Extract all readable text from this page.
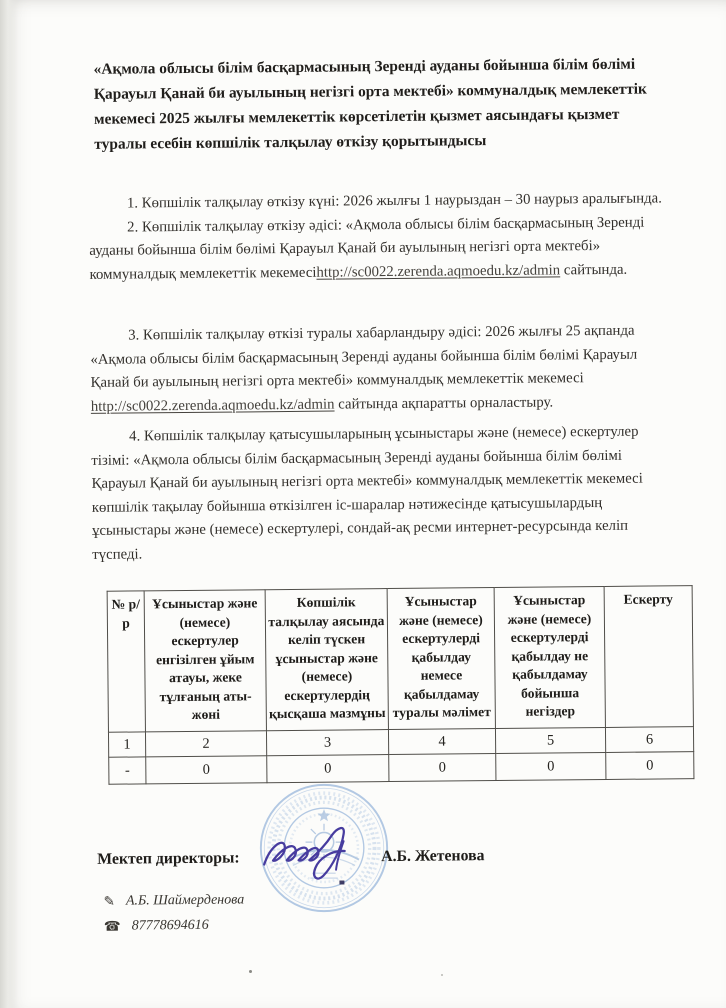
«Ақмола облысы білім басқармасының Зеренді ауданы бойынша білім бөлімі Қарауыл Қанай би ауылының негізгі орта мектебі» коммуналдық мемлекеттік мекемесі 2025 жылғы мемлекеттік көрсетілетін қызмет аясындағы қызмет туралы есебін көпшілік талқылау өткізу қорытындысы

1. Көпшілік талқылау өткізу күні: 2026 жылғы 1 наурыздан – 30 наурыз аралығында.

2. Көпшілік талқылау өткізу әдісі: «Ақмола облысы білім басқармасының Зеренді ауданы бойынша білім бөлімі Қарауыл Қанай би ауылының негізгі орта мектебі» коммуналдық мемлекеттік мекемесіhttp://sc0022.zerenda.aqmoedu.kz/admin сайтында.

3. Көпшілік талқылау өткізі туралы хабарландыру әдісі: 2026 жылғы 25 ақпанда «Ақмола облысы білім басқармасының Зеренді ауданы бойынша білім бөлімі Қарауыл Қанай би ауылының негізгі орта мектебі» коммуналдық мемлекеттік мекемесі http://sc0022.zerenda.aqmoedu.kz/admin сайтында ақпаратты орналастыру.

4. Көпшілік талқылау қатысушыларының ұсыныстары және (немесе) ескертулер тізімі: «Ақмола облысы білім басқармасының Зеренді ауданы бойынша білім бөлімі Қарауыл Қанай би ауылының негізгі орта мектебі» коммуналдық мемлекеттік мекемесі көпшілік тақылау бойынша өткізілген іс-шаралар нәтижесінде қатысушылардың ұсыныстары және (немесе) ескертулері, сондай-ақ ресми интернет-ресурсында келіп түспеді.

№ р/р	Ұсыныстар және (немесе) ескертулер енгізілген ұйым атауы, жеке тұлғаның аты-жөні	Көпшілік талқылау аясында келіп түскен ұсыныстар және (немесе) ескертулердің қысқаша мазмұны	Ұсыныстар және (немесе) ескертулерді қабылдау немесе қабылдамау туралы мәлімет	Ұсыныстар және (немесе) ескертулерді қабылдау не қабылдамау бойынша негіздер	Ескерту
1	2	3	4	5	6
-	0	0	0	0	0
Мектеп директоры:	А.Б. Жетенова
✎ А.Б. Шаймерденова
☎ 87778694616
